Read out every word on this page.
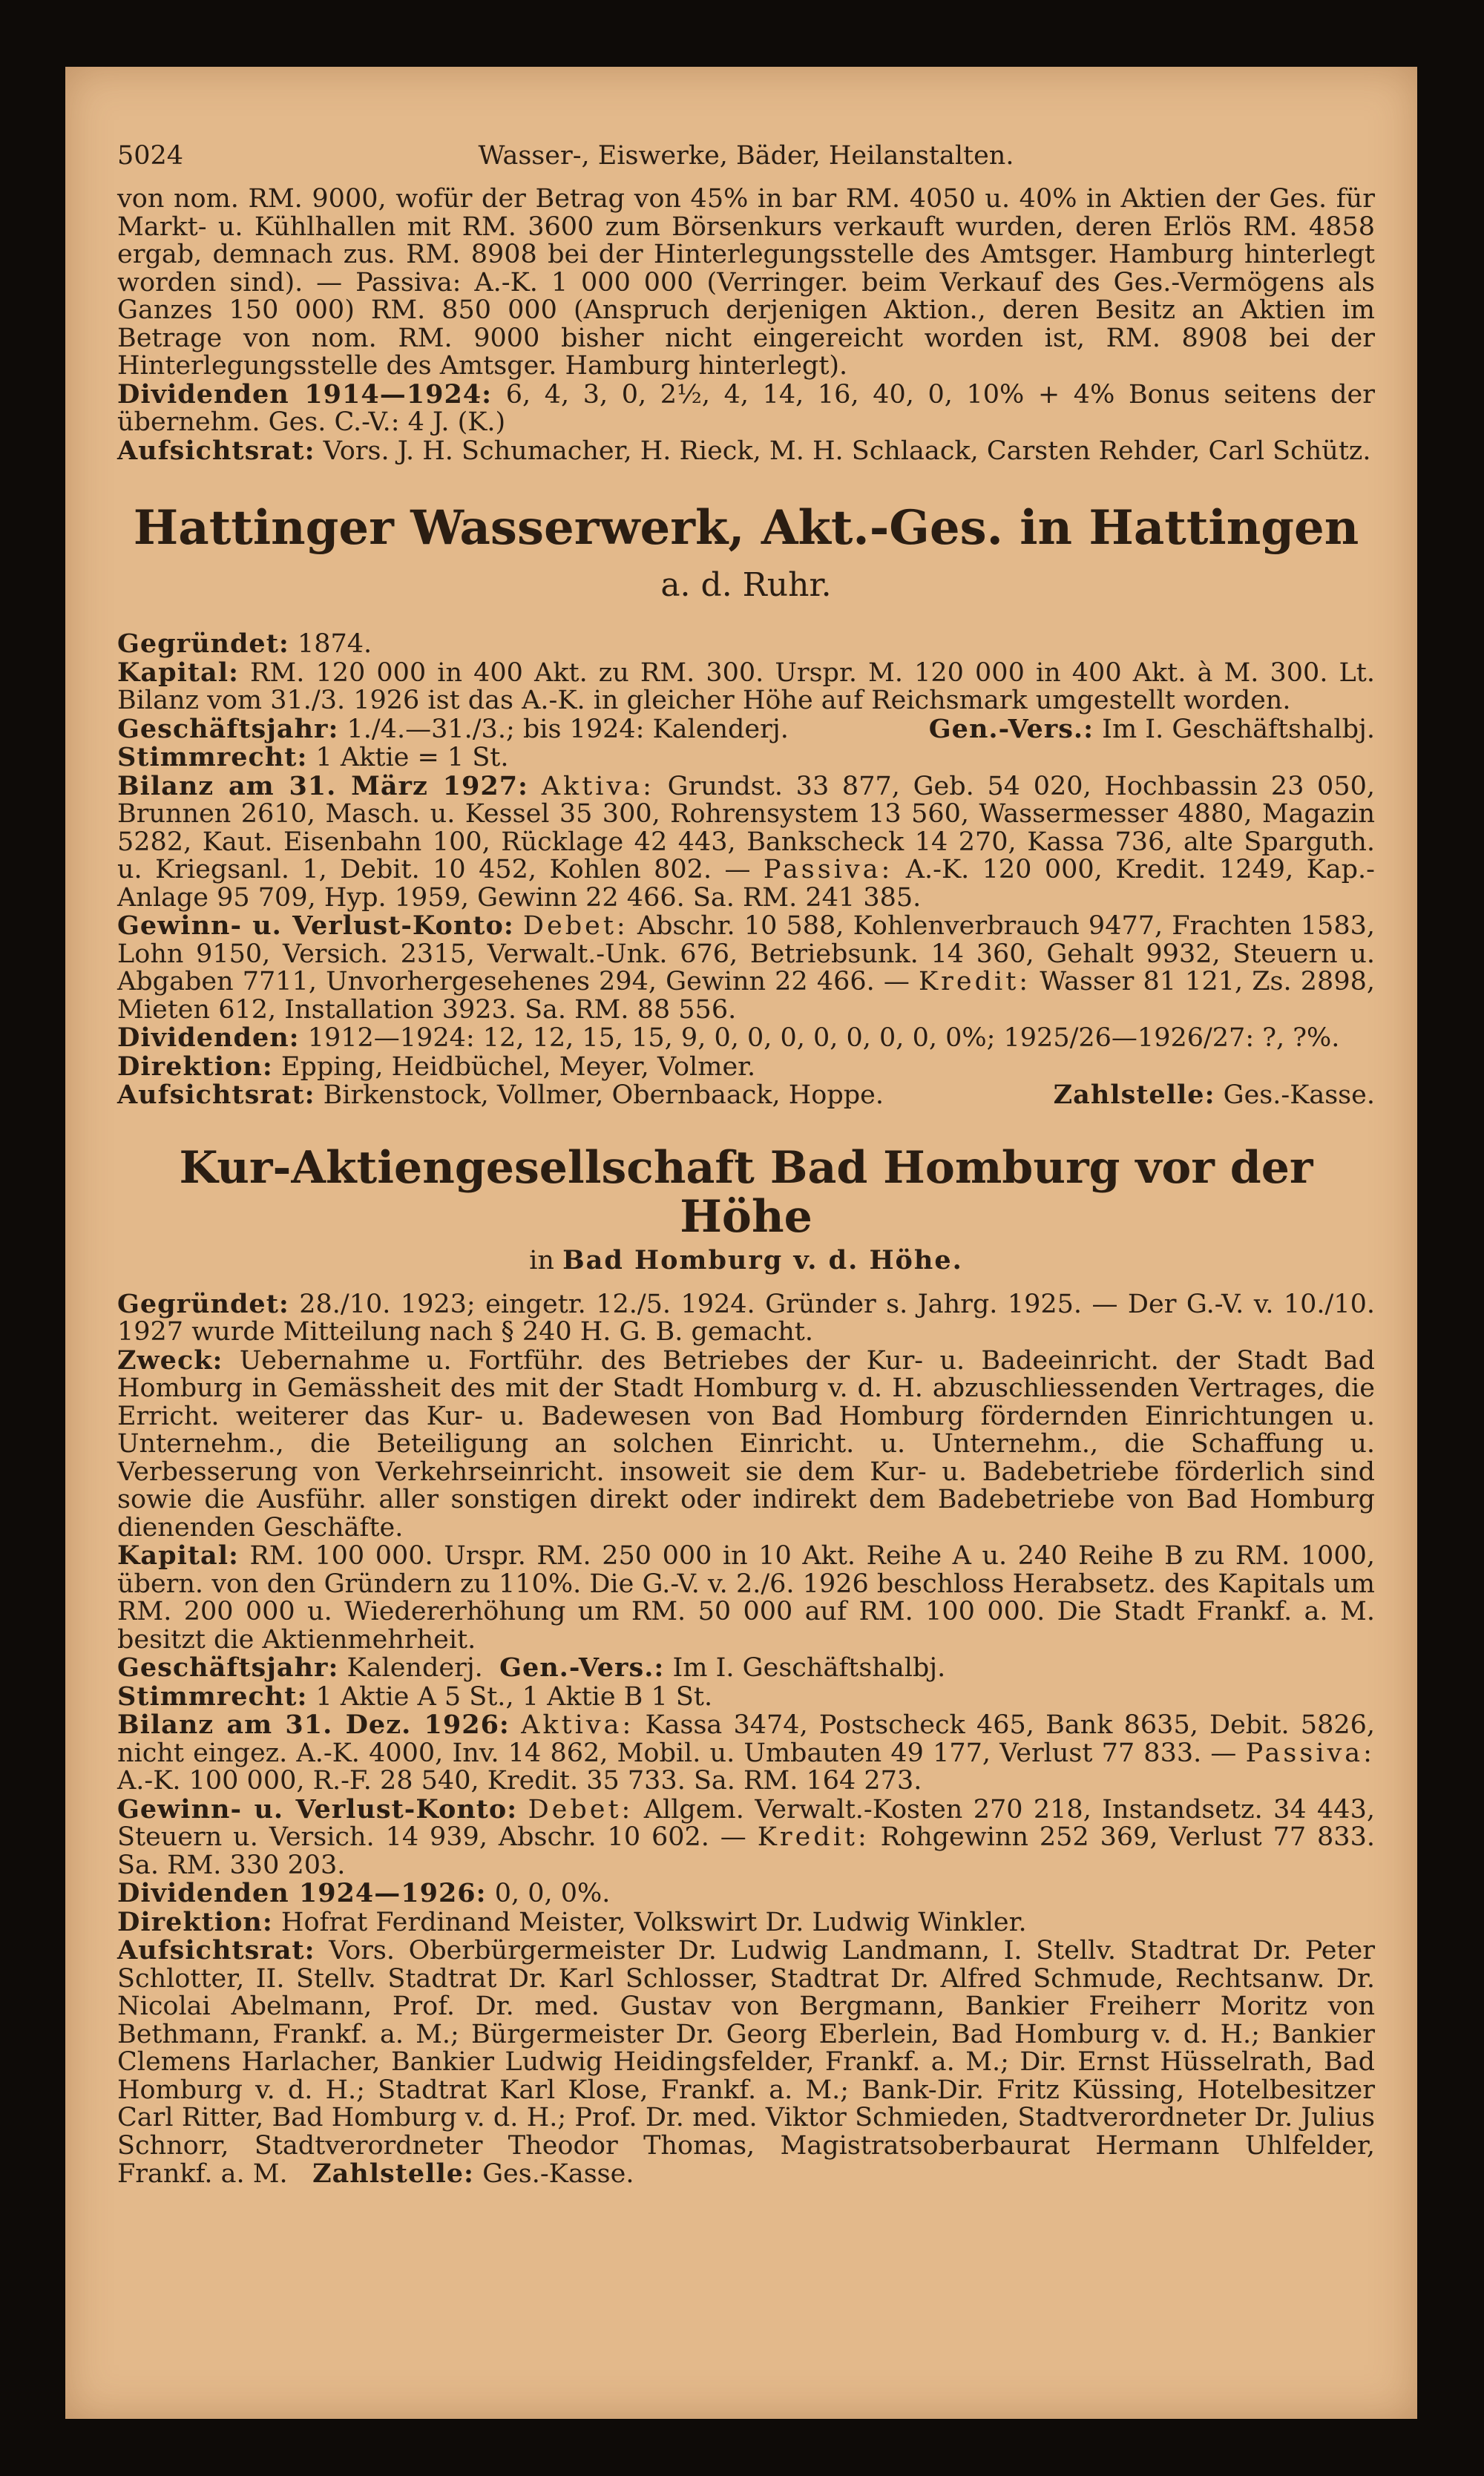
5024	Wasser-, Eiswerke, Bäder, Heilanstalten.

von nom. RM. 9000, wofür der Betrag von 45% in bar RM. 4050 u. 40% in Aktien der Ges. für Markt- u. Kühlhallen mit RM. 3600 zum Börsenkurs verkauft wurden, deren Erlös RM. 4858 ergab, demnach zus. RM. 8908 bei der Hinterlegungsstelle des Amtsger. Hamburg hinterlegt worden sind). — Passiva: A.-K. 1 000 000 (Verringer. beim Verkauf des Ges.-Vermögens als Ganzes 150 000) RM. 850 000 (Anspruch derjenigen Aktion., deren Besitz an Aktien im Betrage von nom. RM. 9000 bisher nicht eingereicht worden ist, RM. 8908 bei der Hinterlegungsstelle des Amtsger. Hamburg hinterlegt).

Dividenden 1914—1924: 6, 4, 3, 0, 2½, 4, 14, 16, 40, 0, 10% + 4% Bonus seitens der übernehm. Ges. C.-V.: 4 J. (K.)

Aufsichtsrat: Vors. J. H. Schumacher, H. Rieck, M. H. Schlaack, Carsten Rehder, Carl Schütz.

Hattinger Wasserwerk, Akt.-Ges. in Hattingen a. d. Ruhr.

Gegründet: 1874.

Kapital: RM. 120 000 in 400 Akt. zu RM. 300. Urspr. M. 120 000 in 400 Akt. à M. 300. Lt. Bilanz vom 31./3. 1926 ist das A.-K. in gleicher Höhe auf Reichsmark umgestellt worden.

Geschäftsjahr: 1./4.—31./3.; bis 1924: Kalenderj.	Gen.-Vers.: Im I. Geschäftshalbj.

Stimmrecht: 1 Aktie = 1 St.

Bilanz am 31. März 1927: Aktiva: Grundst. 33 877, Geb. 54 020, Hochbassin 23 050, Brunnen 2610, Masch. u. Kessel 35 300, Rohrensystem 13 560, Wassermesser 4880, Magazin 5282, Kaut. Eisenbahn 100, Rücklage 42 443, Bankscheck 14 270, Kassa 736, alte Sparguth. u. Kriegsanl. 1, Debit. 10 452, Kohlen 802. — Passiva: A.-K. 120 000, Kredit. 1249, Kap.-Anlage 95 709, Hyp. 1959, Gewinn 22 466. Sa. RM. 241 385.

Gewinn- u. Verlust-Konto: Debet: Abschr. 10 588, Kohlenverbrauch 9477, Frachten 1583, Lohn 9150, Versich. 2315, Verwalt.-Unk. 676, Betriebsunk. 14 360, Gehalt 9932, Steuern u. Abgaben 7711, Unvorhergesehenes 294, Gewinn 22 466. — Kredit: Wasser 81 121, Zs. 2898, Mieten 612, Installation 3923. Sa. RM. 88 556.

Dividenden: 1912—1924: 12, 12, 15, 15, 9, 0, 0, 0, 0, 0, 0, 0, 0%; 1925/26—1926/27: ?, ?%.

Direktion: Epping, Heidbüchel, Meyer, Volmer.

Aufsichtsrat: Birkenstock, Vollmer, Obernbaack, Hoppe.	Zahlstelle: Ges.-Kasse.

Kur-Aktiengesellschaft Bad Homburg vor der Höhe
in Bad Homburg v. d. Höhe.

Gegründet: 28./10. 1923; eingetr. 12./5. 1924. Gründer s. Jahrg. 1925. — Der G.-V. v. 10./10. 1927 wurde Mitteilung nach § 240 H. G. B. gemacht.

Zweck: Uebernahme u. Fortführ. des Betriebes der Kur- u. Badeeinricht. der Stadt Bad Homburg in Gemässheit des mit der Stadt Homburg v. d. H. abzuschliessenden Vertrages, die Erricht. weiterer das Kur- u. Badewesen von Bad Homburg fördernden Einrichtungen u. Unternehm., die Beteiligung an solchen Einricht. u. Unternehm., die Schaffung u. Verbesserung von Verkehrseinricht. insoweit sie dem Kur- u. Badebetriebe förderlich sind sowie die Ausführ. aller sonstigen direkt oder indirekt dem Badebetriebe von Bad Homburg dienenden Geschäfte.

Kapital: RM. 100 000. Urspr. RM. 250 000 in 10 Akt. Reihe A u. 240 Reihe B zu RM. 1000, übern. von den Gründern zu 110%. Die G.-V. v. 2./6. 1926 beschloss Herabsetz. des Kapitals um RM. 200 000 u. Wiedererhöhung um RM. 50 000 auf RM. 100 000. Die Stadt Frankf. a. M. besitzt die Aktienmehrheit.

Geschäftsjahr: Kalenderj. Gen.-Vers.: Im I. Geschäftshalbj.

Stimmrecht: 1 Aktie A 5 St., 1 Aktie B 1 St.

Bilanz am 31. Dez. 1926: Aktiva: Kassa 3474, Postscheck 465, Bank 8635, Debit. 5826, nicht eingez. A.-K. 4000, Inv. 14 862, Mobil. u. Umbauten 49 177, Verlust 77 833. — Passiva: A.-K. 100 000, R.-F. 28 540, Kredit. 35 733. Sa. RM. 164 273.

Gewinn- u. Verlust-Konto: Debet: Allgem. Verwalt.-Kosten 270 218, Instandsetz. 34 443, Steuern u. Versich. 14 939, Abschr. 10 602. — Kredit: Rohgewinn 252 369, Verlust 77 833. Sa. RM. 330 203.

Dividenden 1924—1926: 0, 0, 0%.

Direktion: Hofrat Ferdinand Meister, Volkswirt Dr. Ludwig Winkler.

Aufsichtsrat: Vors. Oberbürgermeister Dr. Ludwig Landmann, I. Stellv. Stadtrat Dr. Peter Schlotter, II. Stellv. Stadtrat Dr. Karl Schlosser, Stadtrat Dr. Alfred Schmude, Rechtsanw. Dr. Nicolai Abelmann, Prof. Dr. med. Gustav von Bergmann, Bankier Freiherr Moritz von Bethmann, Frankf. a. M.; Bürgermeister Dr. Georg Eberlein, Bad Homburg v. d. H.; Bankier Clemens Harlacher, Bankier Ludwig Heidingsfelder, Frankf. a. M.; Dir. Ernst Hüsselrath, Bad Homburg v. d. H.; Stadtrat Karl Klose, Frankf. a. M.; Bank-Dir. Fritz Küssing, Hotelbesitzer Carl Ritter, Bad Homburg v. d. H.; Prof. Dr. med. Viktor Schmieden, Stadtverordneter Dr. Julius Schnorr, Stadtverordneter Theodor Thomas, Magistratsoberbaurat Hermann Uhlfelder, Frankf. a. M. Zahlstelle: Ges.-Kasse.
